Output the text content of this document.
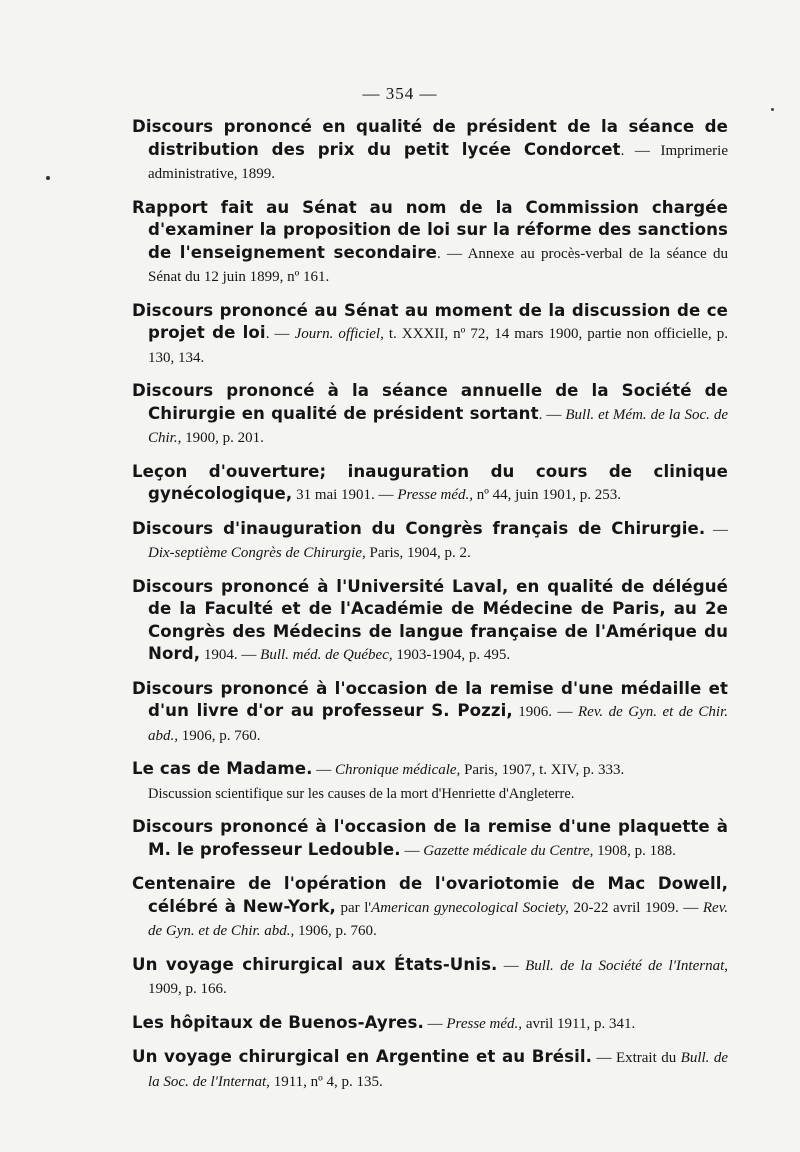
— 354 —
Discours prononcé en qualité de président de la séance de distribution des prix du petit lycée Condorcet. — Imprimerie administrative, 1899.
Rapport fait au Sénat au nom de la Commission chargée d'examiner la proposition de loi sur la réforme des sanctions de l'enseignement secondaire. — Annexe au procès-verbal de la séance du Sénat du 12 juin 1899, nº 161.
Discours prononcé au Sénat au moment de la discussion de ce projet de loi. — Journ. officiel, t. XXXII, nº 72, 14 mars 1900, partie non officielle, p. 130, 134.
Discours prononcé à la séance annuelle de la Société de Chirurgie en qualité de président sortant. — Bull. et Mém. de la Soc. de Chir., 1900, p. 201.
Leçon d'ouverture; inauguration du cours de clinique gynécologique, 31 mai 1901. — Presse méd., nº 44, juin 1901, p. 253.
Discours d'inauguration du Congrès français de Chirurgie. — Dix-septième Congrès de Chirurgie, Paris, 1904, p. 2.
Discours prononcé à l'Université Laval, en qualité de délégué de la Faculté et de l'Académie de Médecine de Paris, au 2e Congrès des Médecins de langue française de l'Amérique du Nord, 1904. — Bull. méd. de Québec, 1903-1904, p. 495.
Discours prononcé à l'occasion de la remise d'une médaille et d'un livre d'or au professeur S. Pozzi, 1906. — Rev. de Gyn. et de Chir. abd., 1906, p. 760.
Le cas de Madame. — Chronique médicale, Paris, 1907, t. XIV, p. 333.
Discussion scientifique sur les causes de la mort d'Henriette d'Angleterre.
Discours prononcé à l'occasion de la remise d'une plaquette à M. le professeur Ledouble. — Gazette médicale du Centre, 1908, p. 188.
Centenaire de l'opération de l'ovariotomie de Mac Dowell, célébré à New-York, par l'American gynecological Society, 20-22 avril 1909. — Rev. de Gyn. et de Chir. abd., 1906, p. 760.
Un voyage chirurgical aux États-Unis. — Bull. de la Société de l'Internat, 1909, p. 166.
Les hôpitaux de Buenos-Ayres. — Presse méd., avril 1911, p. 341.
Un voyage chirurgical en Argentine et au Brésil. — Extrait du Bull. de la Soc. de l'Internat, 1911, nº 4, p. 135.
